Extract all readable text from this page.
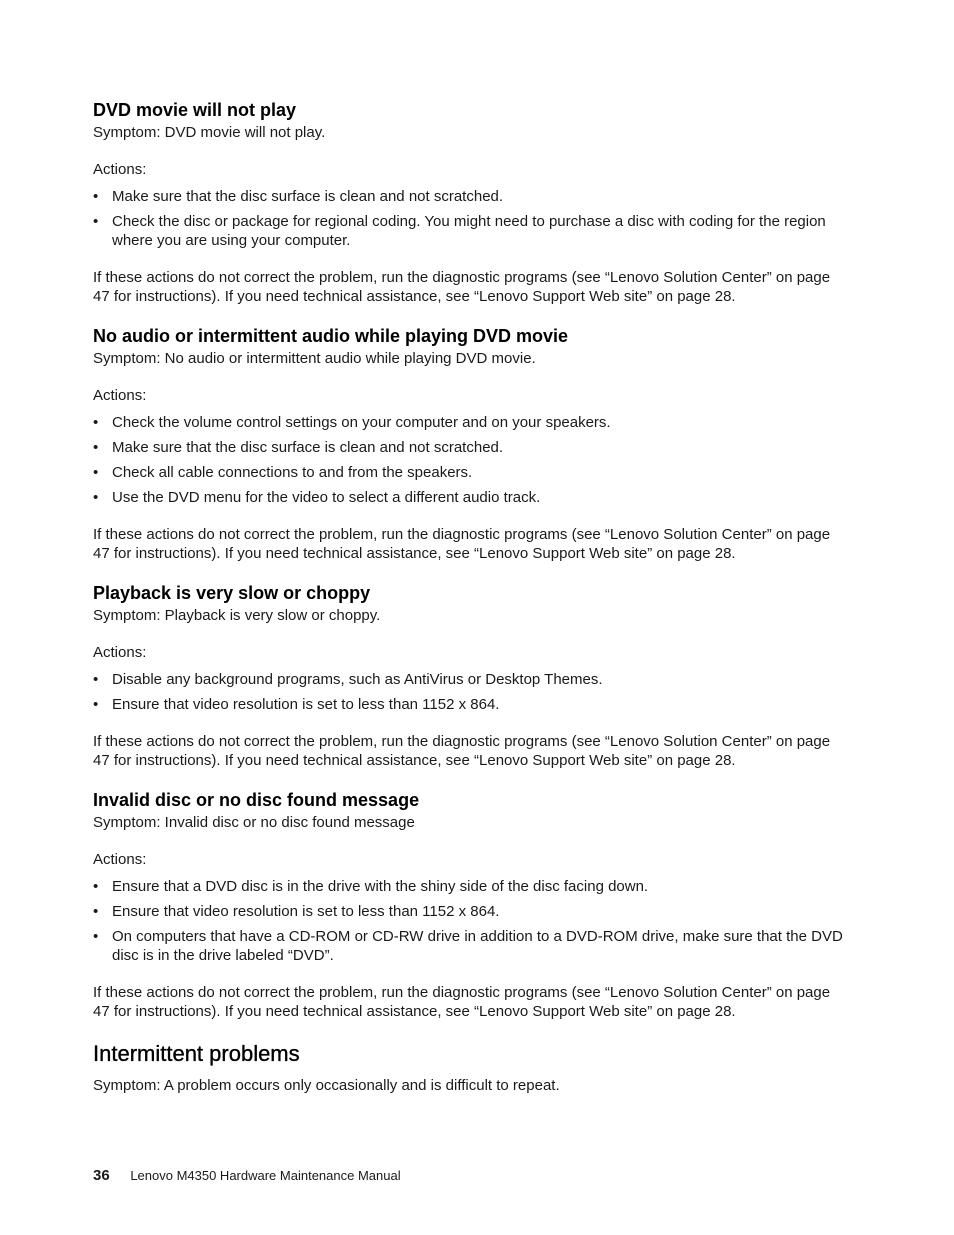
DVD movie will not play

Symptom: DVD movie will not play.

Actions:

• Make sure that the disc surface is clean and not scratched.
• Check the disc or package for regional coding. You might need to purchase a disc with coding for the region where you are using your computer.

If these actions do not correct the problem, run the diagnostic programs (see “Lenovo Solution Center” on page 47 for instructions). If you need technical assistance, see “Lenovo Support Web site” on page 28.

No audio or intermittent audio while playing DVD movie

Symptom: No audio or intermittent audio while playing DVD movie.

Actions:

• Check the volume control settings on your computer and on your speakers.
• Make sure that the disc surface is clean and not scratched.
• Check all cable connections to and from the speakers.
• Use the DVD menu for the video to select a different audio track.

If these actions do not correct the problem, run the diagnostic programs (see “Lenovo Solution Center” on page 47 for instructions). If you need technical assistance, see “Lenovo Support Web site” on page 28.

Playback is very slow or choppy

Symptom: Playback is very slow or choppy.

Actions:

• Disable any background programs, such as AntiVirus or Desktop Themes.
• Ensure that video resolution is set to less than 1152 x 864.

If these actions do not correct the problem, run the diagnostic programs (see “Lenovo Solution Center” on page 47 for instructions). If you need technical assistance, see “Lenovo Support Web site” on page 28.

Invalid disc or no disc found message

Symptom: Invalid disc or no disc found message

Actions:

• Ensure that a DVD disc is in the drive with the shiny side of the disc facing down.
• Ensure that video resolution is set to less than 1152 x 864.
• On computers that have a CD-ROM or CD-RW drive in addition to a DVD-ROM drive, make sure that the DVD disc is in the drive labeled “DVD”.

If these actions do not correct the problem, run the diagnostic programs (see “Lenovo Solution Center” on page 47 for instructions). If you need technical assistance, see “Lenovo Support Web site” on page 28.

Intermittent problems

Symptom: A problem occurs only occasionally and is difficult to repeat.

36 Lenovo M4350 Hardware Maintenance Manual
